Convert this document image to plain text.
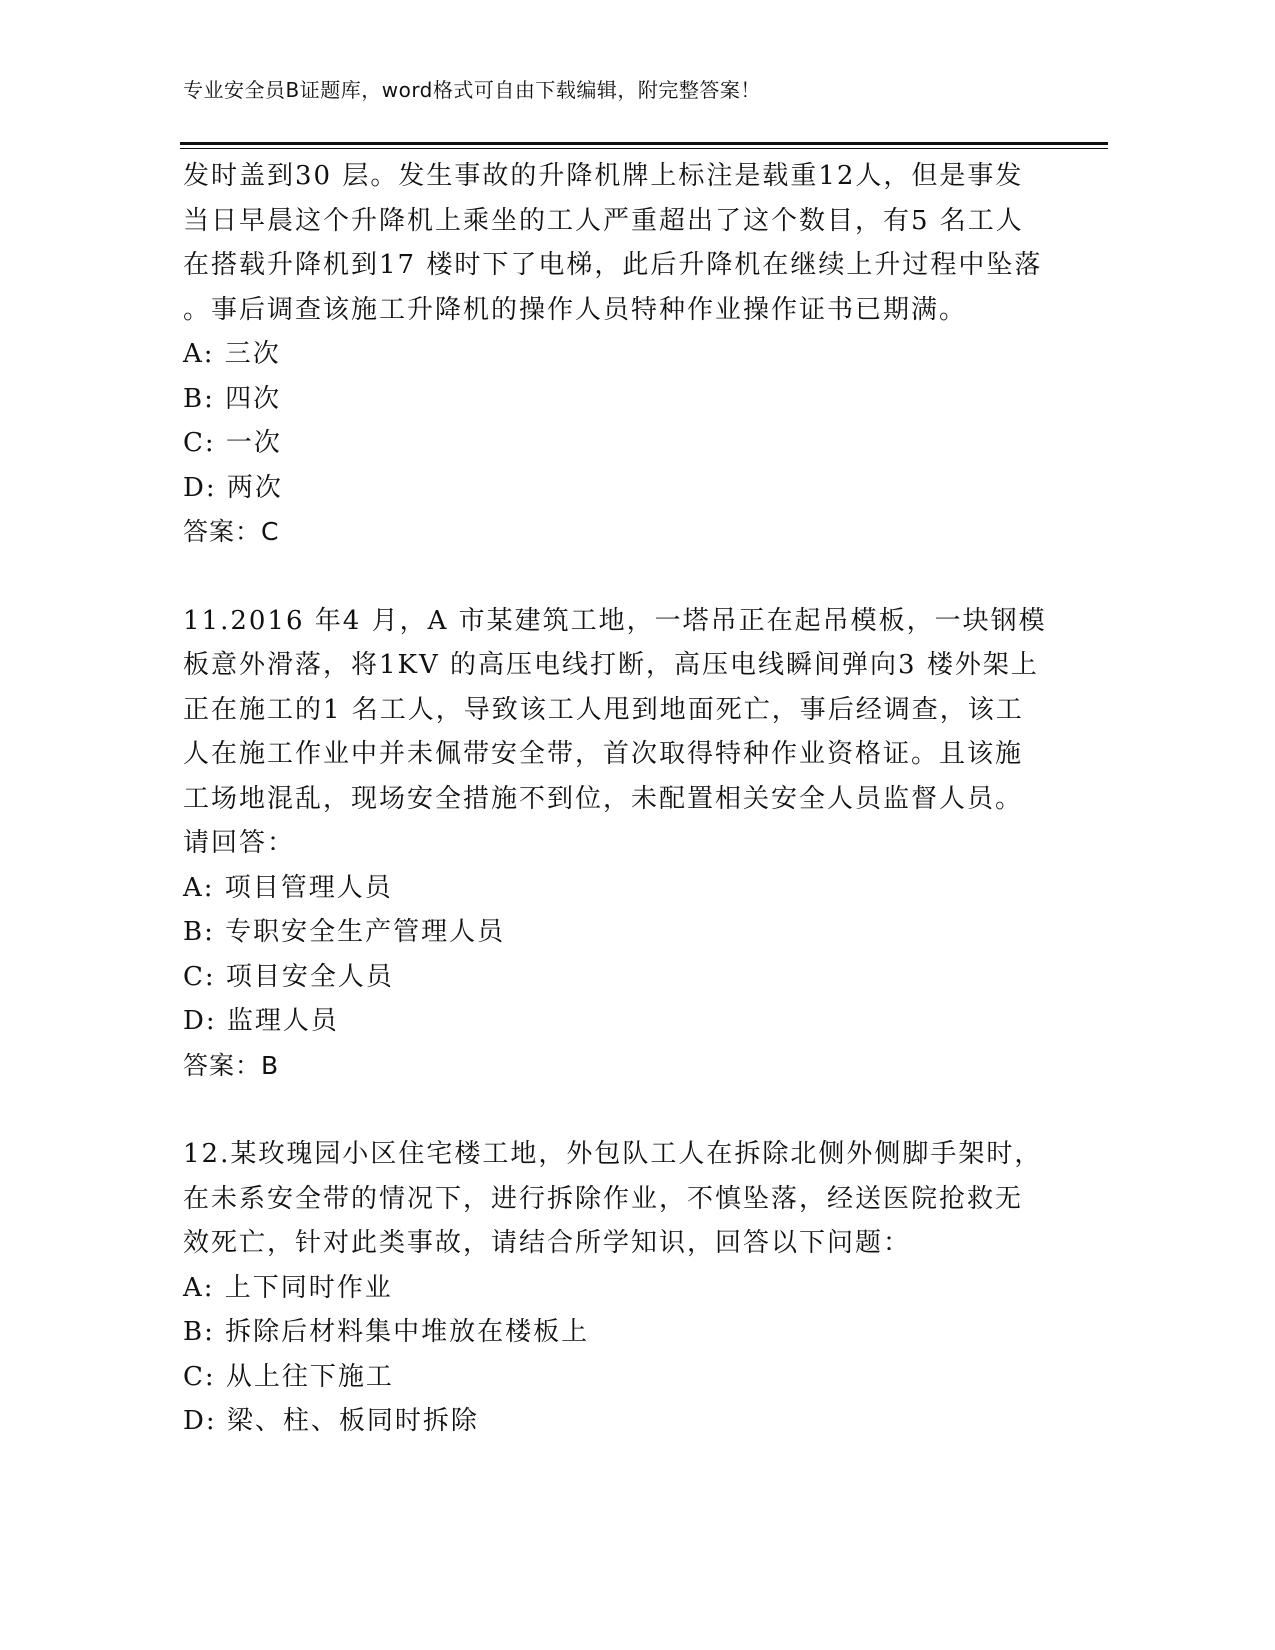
专业安全员B证题库，word格式可自由下载编辑，附完整答案！

发时盖到30 层。发生事故的升降机牌上标注是载重12人，但是事发

当日早晨这个升降机上乘坐的工人严重超出了这个数目，有5 名工人

在搭载升降机到17 楼时下了电梯，此后升降机在继续上升过程中坠落

。事后调查该施工升降机的操作人员特种作业操作证书已期满。

A: 三次

B: 四次

C: 一次

D: 两次

答案：C

11.2016 年4 月，A 市某建筑工地，一塔吊正在起吊模板，一块钢模

板意外滑落，将1KV 的高压电线打断，高压电线瞬间弹向3 楼外架上

正在施工的1 名工人，导致该工人甩到地面死亡，事后经调查，该工

人在施工作业中并未佩带安全带，首次取得特种作业资格证。且该施

工场地混乱，现场安全措施不到位，未配置相关安全人员监督人员。

请回答：

A: 项目管理人员

B: 专职安全生产管理人员

C: 项目安全人员

D: 监理人员

答案：B

12.某玫瑰园小区住宅楼工地，外包队工人在拆除北侧外侧脚手架时，

在未系安全带的情况下，进行拆除作业，不慎坠落，经送医院抢救无

效死亡，针对此类事故，请结合所学知识，回答以下问题：

A: 上下同时作业

B: 拆除后材料集中堆放在楼板上

C: 从上往下施工

D: 梁、柱、板同时拆除
